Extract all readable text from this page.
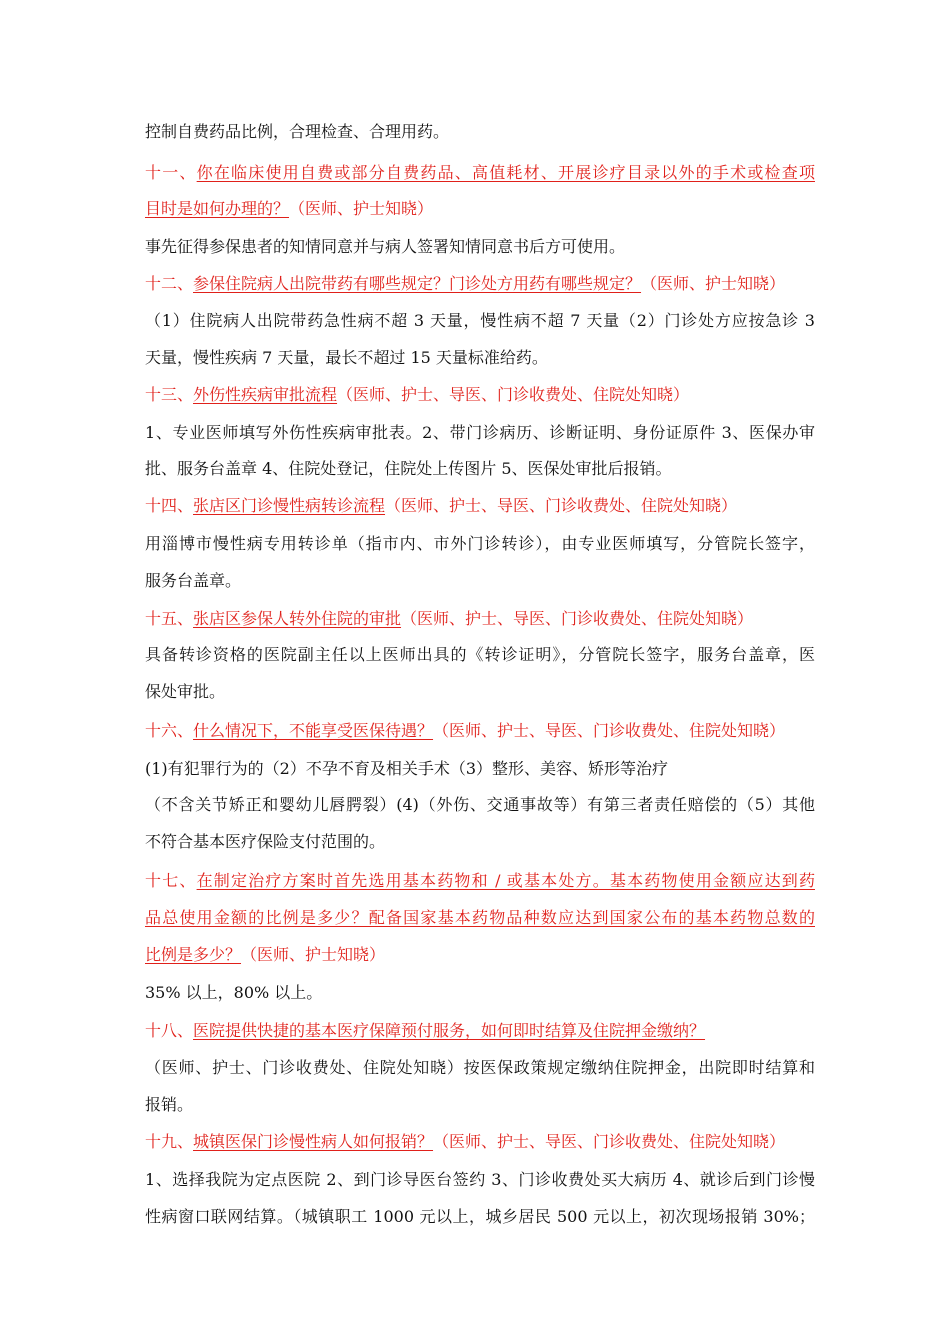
控制自费药品比例，合理检查、合理用药。
十一、你在临床使用自费或部分自费药品、高值耗材、开展诊疗目录以外的手术或检查项
目时是如何办理的？（医师、护士知晓）
事先征得参保患者的知情同意并与病人签署知情同意书后方可使用。
十二、参保住院病人出院带药有哪些规定？门诊处方用药有哪些规定？（医师、护士知晓）
（1）住院病人出院带药急性病不超 3 天量，慢性病不超 7 天量（2）门诊处方应按急诊 3
天量，慢性疾病 7 天量，最长不超过 15 天量标准给药。
十三、外伤性疾病审批流程（医师、护士、导医、门诊收费处、住院处知晓）
1、专业医师填写外伤性疾病审批表。2、带门诊病历、诊断证明、身份证原件 3、医保办审
批、服务台盖章 4、住院处登记，住院处上传图片 5、医保处审批后报销。
十四、张店区门诊慢性病转诊流程（医师、护士、导医、门诊收费处、住院处知晓）
用淄博市慢性病专用转诊单（指市内、市外门诊转诊），由专业医师填写，分管院长签字，
服务台盖章。
十五、张店区参保人转外住院的审批（医师、护士、导医、门诊收费处、住院处知晓）
具备转诊资格的医院副主任以上医师出具的《转诊证明》，分管院长签字，服务台盖章，医
保处审批。
十六、什么情况下，不能享受医保待遇？（医师、护士、导医、门诊收费处、住院处知晓）
(1)有犯罪行为的（2）不孕不育及相关手术（3）整形、美容、矫形等治疗
（不含关节矫正和婴幼儿唇腭裂）(4)（外伤、交通事故等）有第三者责任赔偿的（5）其他
不符合基本医疗保险支付范围的。
十七、在制定治疗方案时首先选用基本药物和 / 或基本处方。基本药物使用金额应达到药
品总使用金额的比例是多少？配备国家基本药物品种数应达到国家公布的基本药物总数的
比例是多少？（医师、护士知晓）
35% 以上，80% 以上。
十八、医院提供快捷的基本医疗保障预付服务，如何即时结算及住院押金缴纳？
（医师、护士、门诊收费处、住院处知晓）按医保政策规定缴纳住院押金，出院即时结算和
报销。
十九、城镇医保门诊慢性病人如何报销？（医师、护士、导医、门诊收费处、住院处知晓）
1、选择我院为定点医院 2、到门诊导医台签约 3、门诊收费处买大病历 4、就诊后到门诊慢
性病窗口联网结算。（城镇职工 1000 元以上，城乡居民 500 元以上，初次现场报销 30%；
